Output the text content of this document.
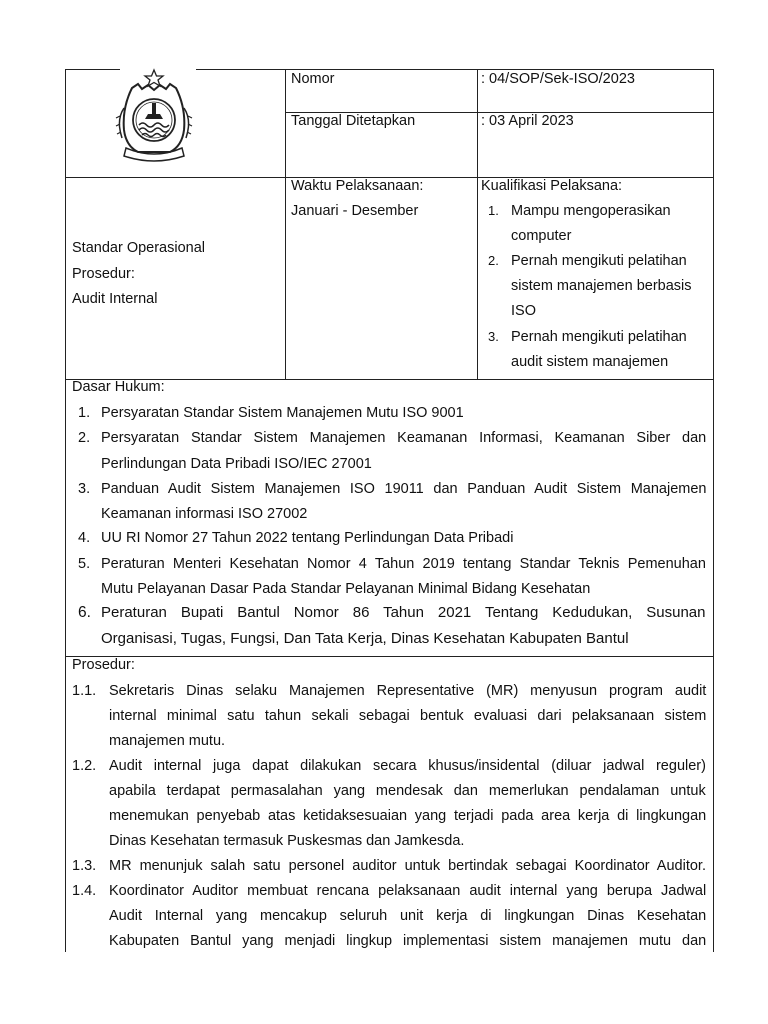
Nomor	: 04/SOP/Sek-ISO/2023
Tanggal Ditetapkan	: 03 April 2023
Standar Operasional
Prosedur:
Audit Internal
Waktu Pelaksanaan:
Januari - Desember
Kualifikasi Pelaksana:
1. Mampu mengoperasikan
computer
2. Pernah mengikuti pelatihan
sistem manajemen berbasis
ISO
3. Pernah mengikuti pelatihan
audit sistem manajemen
Dasar Hukum:
1. Persyaratan Standar Sistem Manajemen Mutu ISO 9001
2. Persyaratan Standar Sistem Manajemen Keamanan Informasi, Keamanan Siber dan
Perlindungan Data Pribadi ISO/IEC 27001
3. Panduan Audit Sistem Manajemen ISO 19011 dan Panduan Audit Sistem Manajemen
Keamanan informasi ISO 27002
4. UU RI Nomor 27 Tahun 2022 tentang Perlindungan Data Pribadi
5. Peraturan Menteri Kesehatan Nomor 4 Tahun 2019 tentang Standar Teknis Pemenuhan
Mutu Pelayanan Dasar Pada Standar Pelayanan Minimal Bidang Kesehatan
6. Peraturan Bupati Bantul Nomor 86 Tahun 2021 Tentang Kedudukan, Susunan
Organisasi, Tugas, Fungsi, Dan Tata Kerja, Dinas Kesehatan Kabupaten Bantul
Prosedur:
1.1. Sekretaris Dinas selaku Manajemen Representative (MR) menyusun program audit
internal minimal satu tahun sekali sebagai bentuk evaluasi dari pelaksanaan sistem
manajemen mutu.
1.2. Audit internal juga dapat dilakukan secara khusus/insidental (diluar jadwal reguler)
apabila terdapat permasalahan yang mendesak dan memerlukan pendalaman untuk
menemukan penyebab atas ketidaksesuaian yang terjadi pada area kerja di lingkungan
Dinas Kesehatan termasuk Puskesmas dan Jamkesda.
1.3. MR menunjuk salah satu personel auditor untuk bertindak sebagai Koordinator Auditor.
1.4. Koordinator Auditor membuat rencana pelaksanaan audit internal yang berupa Jadwal
Audit Internal yang mencakup seluruh unit kerja di lingkungan Dinas Kesehatan
Kabupaten Bantul yang menjadi lingkup implementasi sistem manajemen mutu dan
